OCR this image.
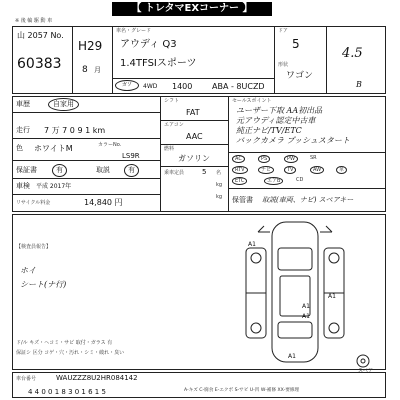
【 トレタマEXコーナー 】
※ 後 輪 駆 動 車
山 2057 No.
60383
H29
8 月
車名・グレード
アウディ Q3
1.4TFSIスポーツ
ガソ	4WD 1400 ABA - 8UCZD
ドア
5
形状
ワゴン
4.5
B
車歴	自家用
走行 7 万 7 0 9 1 km
色 ホワイトM	カラーNo.
LS9R
保証書	有	取説	有
車検 平成 2017年
リサイクル料金	14,840 円
シフト
FAT
エアコン
AAC
燃料
ガソリン
乗車定員	5 名
kg
kg
セールスポイント
ユーザー下取 AA初出品
元アウディ認定中古車
純正ナビ/TV/ETC
バックカメラ プッシュスタート
AC	PS	PW	SR
RTV	ナビ	TV	AW	革
ETC	エアB	CD
保管書 取説(車両、ナビ) スペアキー
【検査員報告】
ホイ
シート(ナ行)
A1
A1
A1
A1
A1
スペア
ド/ル キズ・ヘコミ・サビ 取付・ガラス 有
保証シ 区分 コゲ・穴・汚れ・シミ・破れ・臭い
車台番号	WAUZZZ8U2HR084142
4 4 0 0 1 8 3 0 1 6 1 5	A-キズ C-腐食 E-エクボ S-サビ U-凹 W-補修 XX-要修理
